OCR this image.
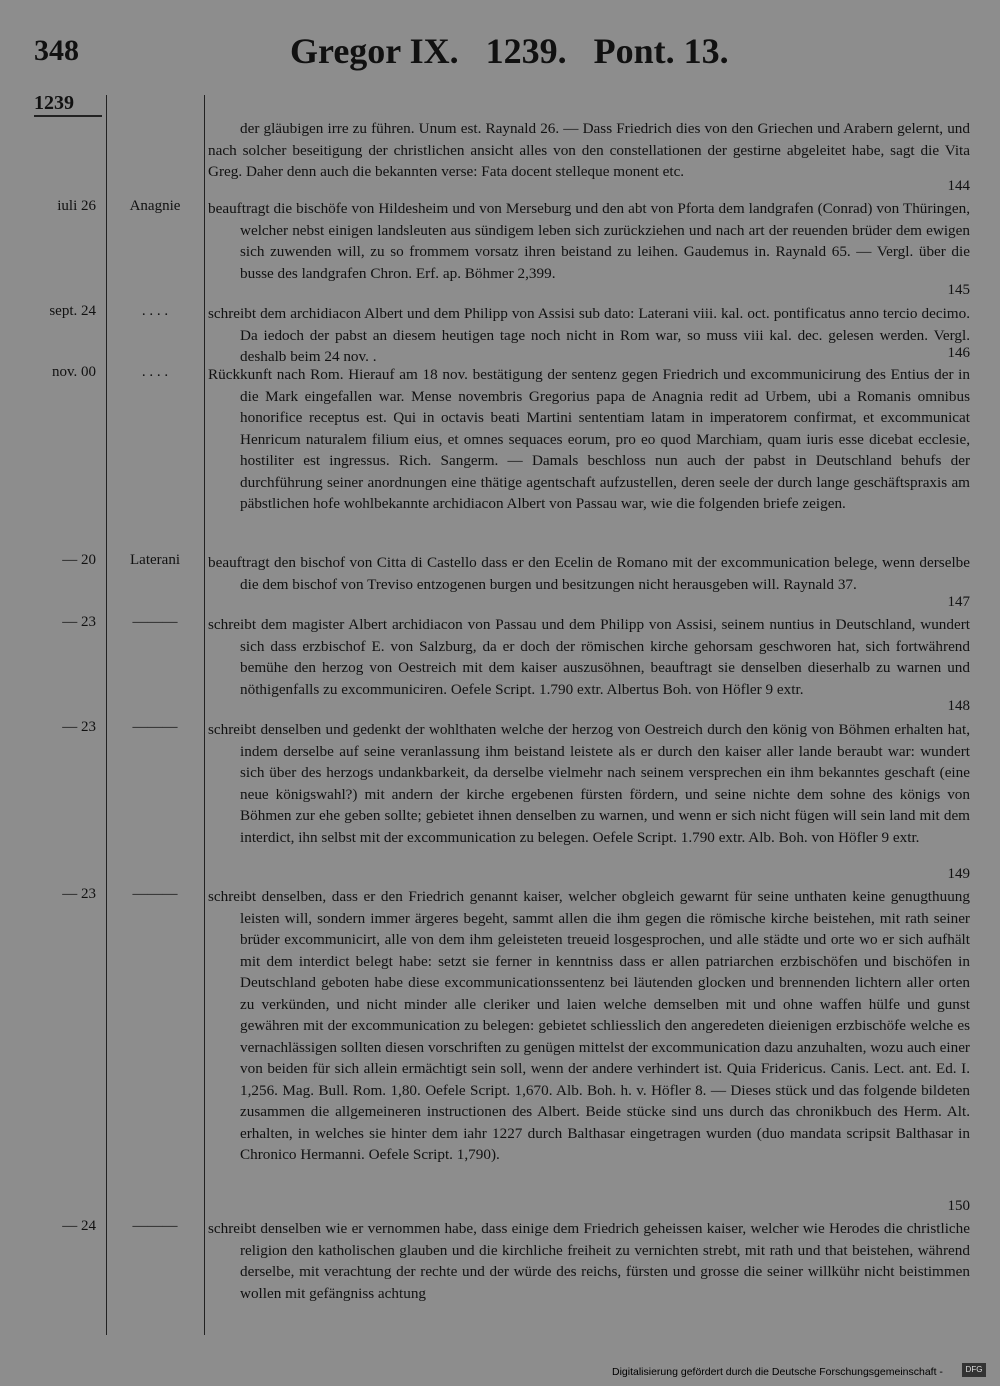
348	Gregor IX.   1239.   Pont. 13.
1239
der gläubigen irre zu führen. Unum est. Raynald 26. — Dass Friedrich dies von den Griechen und Arabern gelernt, und nach solcher beseitigung der christlichen ansicht alles von den constellationen der gestirne abgeleitet habe, sagt die Vita Greg. Daher denn auch die bekannten verse: Fata docent stelleque monent etc.
144
iuli 26	Anagnie	beauftragt die bischöfe von Hildesheim und von Merseburg und den abt von Pforta dem landgrafen (Conrad) von Thüringen, welcher nebst einigen landsleuten aus sündigem leben sich zurückziehen und nach art der reuenden brüder dem ewigen sich zuwenden will, zu so frommem vorsatz ihren beistand zu leihen. Gaudemus in. Raynald 65. — Vergl. über die busse des landgrafen Chron. Erf. ap. Böhmer 2,399.
145
sept. 24	. . . .	schreibt dem archidiacon Albert und dem Philipp von Assisi sub dato: Laterani viii. kal. oct. pontificatus anno tercio decimo. Da iedoch der pabst an diesem heutigen tage noch nicht in Rom war, so muss viii kal. dec. gelesen werden. Vergl. deshalb beim 24 nov. .	146
nov. 00	. . . .	Rückkunft nach Rom. Hierauf am 18 nov. bestätigung der sentenz gegen Friedrich und excommunicirung des Entius der in die Mark eingefallen war. Mense novembris Gregorius papa de Anagnia redit ad Urbem, ubi a Romanis omnibus honorifice receptus est. Qui in octavis beati Martini sententiam latam in imperatorem confirmat, et excommunicat Henricum naturalem filium eius, et omnes sequaces eorum, pro eo quod Marchiam, quam iuris esse dicebat ecclesie, hostiliter est ingressus. Rich. Sangerm. — Damals beschloss nun auch der pabst in Deutschland behufs der durchführung seiner anordnungen eine thätige agentschaft aufzustellen, deren seele der durch lange geschäftspraxis am päbstlichen hofe wohlbekannte archidiacon Albert von Passau war, wie die folgenden briefe zeigen.
— 20	Laterani	beauftragt den bischof von Citta di Castello dass er den Ecelin de Romano mit der excommunication belege, wenn derselbe die dem bischof von Treviso entzogenen burgen und besitzungen nicht herausgeben will. Raynald 37.
147
— 23	———	schreibt dem magister Albert archidiacon von Passau und dem Philipp von Assisi, seinem nuntius in Deutschland, wundert sich dass erzbischof E. von Salzburg, da er doch der römischen kirche gehorsam geschworen hat, sich fortwährend bemühe den herzog von Oestreich mit dem kaiser auszusöhnen, beauftragt sie denselben dieserhalb zu warnen und nöthigenfalls zu excommuniciren. Oefele Script. 1.790 extr. Albertus Boh. von Höfler 9 extr.
148
— 23	———	schreibt denselben und gedenkt der wohlthaten welche der herzog von Oestreich durch den könig von Böhmen erhalten hat, indem derselbe auf seine veranlassung ihm beistand leistete als er durch den kaiser aller lande beraubt war: wundert sich über des herzogs undankbarkeit, da derselbe vielmehr nach seinem versprechen ein ihm bekanntes geschaft (eine neue königswahl?) mit andern der kirche ergebenen fürsten fördern, und seine nichte dem sohne des königs von Böhmen zur ehe geben sollte; gebietet ihnen denselben zu warnen, und wenn er sich nicht fügen will sein land mit dem interdict, ihn selbst mit der excommunication zu belegen. Oefele Script. 1.790 extr. Alb. Boh. von Höfler 9 extr.
149
— 23	———	schreibt denselben, dass er den Friedrich genannt kaiser, welcher obgleich gewarnt für seine unthaten keine genugthuung leisten will, sondern immer ärgeres begeht, sammt allen die ihm gegen die römische kirche beistehen, mit rath seiner brüder excommunicirt, alle von dem ihm geleisteten treueid losgesprochen, und alle städte und orte wo er sich aufhält mit dem interdict belegt habe: setzt sie ferner in kenntniss dass er allen patriarchen erzbischöfen und bischöfen in Deutschland geboten habe diese excommunicationssentenz bei läutenden glocken und brennenden lichtern aller orten zu verkünden, und nicht minder alle cleriker und laien welche demselben mit und ohne waffen hülfe und gunst gewähren mit der excommunication zu belegen: gebietet schliesslich den angeredeten dieienigen erzbischöfe welche es vernachlässigen sollten diesen vorschriften zu genügen mittelst der excommunication dazu anzuhalten, wozu auch einer von beiden für sich allein ermächtigt sein soll, wenn der andere verhindert ist. Quia Fridericus. Canis. Lect. ant. Ed. I. 1,256. Mag. Bull. Rom. 1,80. Oefele Script. 1,670. Alb. Boh. h. v. Höfler 8. — Dieses stück und das folgende bildeten zusammen die allgemeineren instructionen des Albert. Beide stücke sind uns durch das chronikbuch des Herm. Alt. erhalten, in welches sie hinter dem iahr 1227 durch Balthasar eingetragen wurden (duo mandata scripsit Balthasar in Chronico Hermanni. Oefele Script. 1,790).
150
— 24	———	schreibt denselben wie er vernommen habe, dass einige dem Friedrich geheissen kaiser, welcher wie Herodes die christliche religion den katholischen glauben und die kirchliche freiheit zu vernichten strebt, mit rath und that beistehen, während derselbe, mit verachtung der rechte und der würde des reichs, fürsten und grosse die seiner willkühr nicht beistimmen wollen mit gefängniss achtung
Digitalisierung gefördert durch die Deutsche Forschungsgemeinschaft -	DFG
